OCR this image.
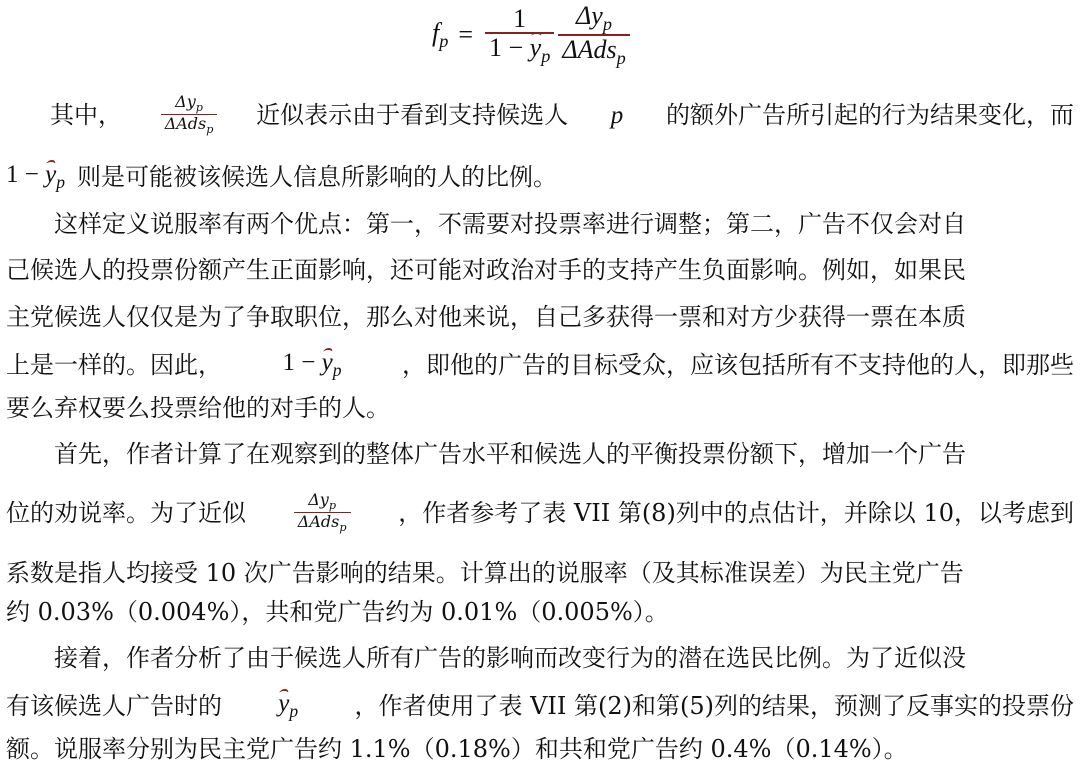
$f_p = \frac{1}{1 - y_p} \frac{\Delta y_p}{\Delta Ads_p}$
其中， $\frac{\Delta y_p}{\Delta Ads_p}$ 近似表示由于看到支持候选人 p 的额外广告所引起的行为结果变化，而
$1 - y_p$ 则是可能被该候选人信息所影响的人的比例。
　　这样定义说服率有两个优点：第一，不需要对投票率进行调整；第二，广告不仅会对自
己候选人的投票份额产生正面影响，还可能对政治对手的支持产生负面影响。例如，如果民
主党候选人仅仅是为了争取职位，那么对他来说，自己多获得一票和对方少获得一票在本质
上是一样的。因此， $1 - y_p$	，即他的广告的目标受众，应该包括所有不支持他的人，即那些
要么弃权要么投票给他的对手的人。
　　首先，作者计算了在观察到的整体广告水平和候选人的平衡投票份额下，增加一个广告
位的劝说率。为了近似	$\frac{\Delta y_p}{\Delta Ads_p}$ ，作者参考了表 VII 第(8)列中的点估计，并除以 10，以考虑到
系数是指人均接受 10 次广告影响的结果。计算出的说服率（及其标准误差）为民主党广告
约 0.03%（0.004%），共和党广告约为 0.01%（0.005%）。
　　接着，作者分析了由于候选人所有广告的影响而改变行为的潜在选民比例。为了近似没
有该候选人广告时的 $y_p$ ，作者使用了表 VII 第(2)和第(5)列的结果，预测了反事实的投票份
额。说服率分别为民主党广告约 1.1%（0.18%）和共和党广告约 0.4%（0.14%）。
